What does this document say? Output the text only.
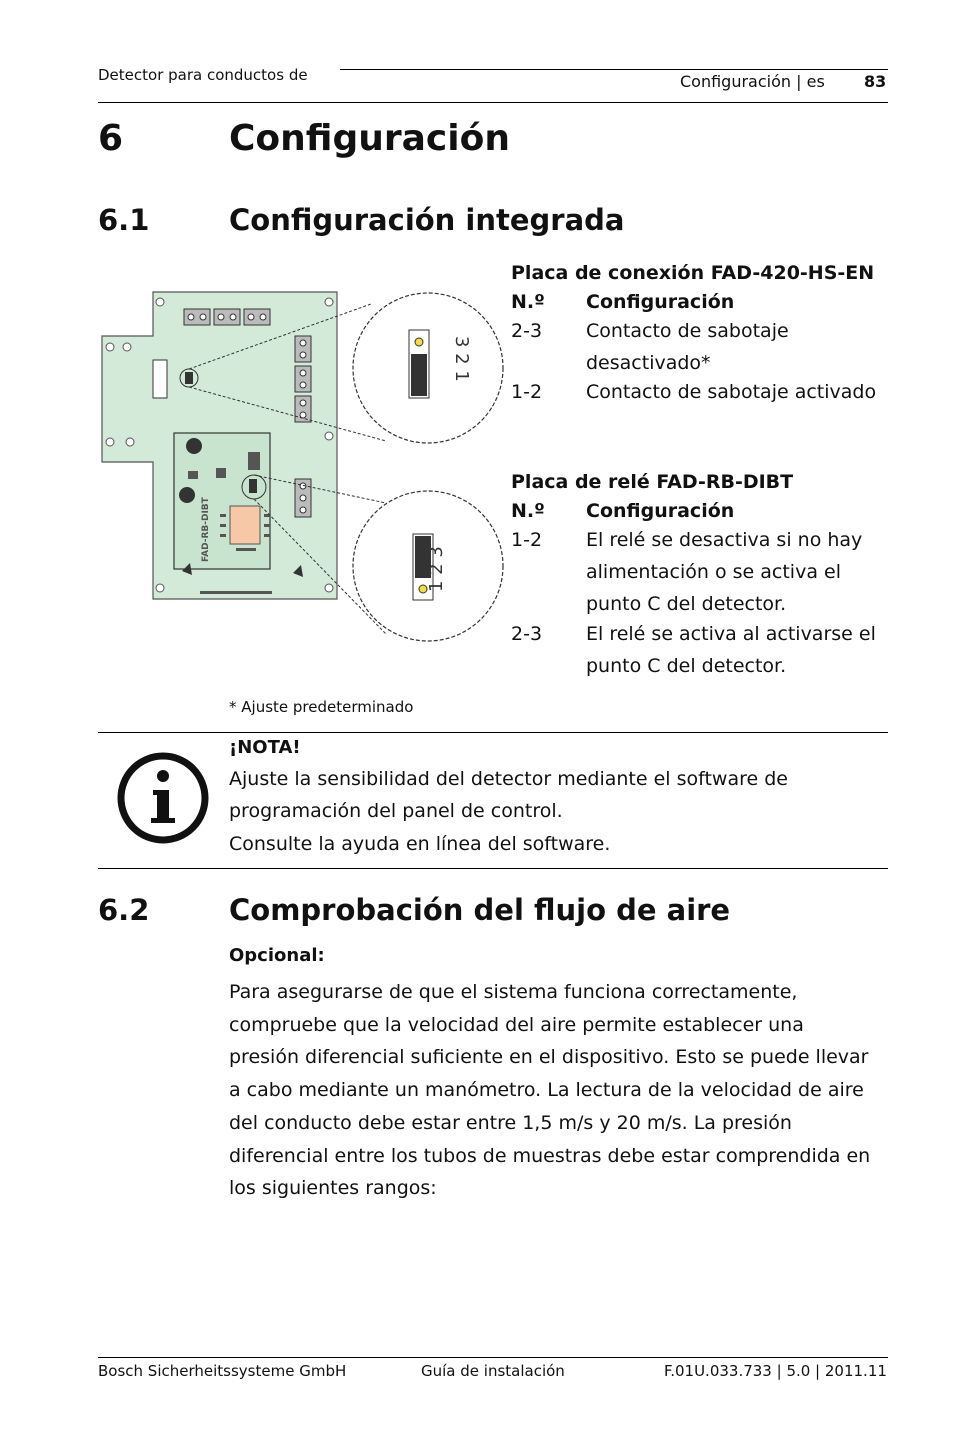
Detector para conductos de	Configuración | es 83
6	Configuración
6.1	Configuración integrada
FAD-RB-DIBT
3 2 1
1 2 3
Placa de conexión FAD-420-HS-EN
N.º Configuración
2-3 Contacto de sabotaje desactivado*
1-2 Contacto de sabotaje activado
Placa de relé FAD-RB-DIBT
N.º Configuración
1-2 El relé se desactiva si no hay alimentación o se activa el punto C del detector.
2-3 El relé se activa al activarse el punto C del detector.
* Ajuste predeterminado
¡NOTA!
Ajuste la sensibilidad del detector mediante el software de
programación del panel de control.
Consulte la ayuda en línea del software.
6.2	Comprobación del flujo de aire
Opcional:
Para asegurarse de que el sistema funciona correctamente, compruebe que la velocidad del aire permite establecer una presión diferencial suficiente en el dispositivo. Esto se puede llevar a cabo mediante un manómetro. La lectura de la velocidad de aire del conducto debe estar entre 1,5 m/s y 20 m/s. La presión diferencial entre los tubos de muestras debe estar comprendida en los siguientes rangos:
Bosch Sicherheitssysteme GmbH	Guía de instalación	F.01U.033.733 | 5.0 | 2011.11
